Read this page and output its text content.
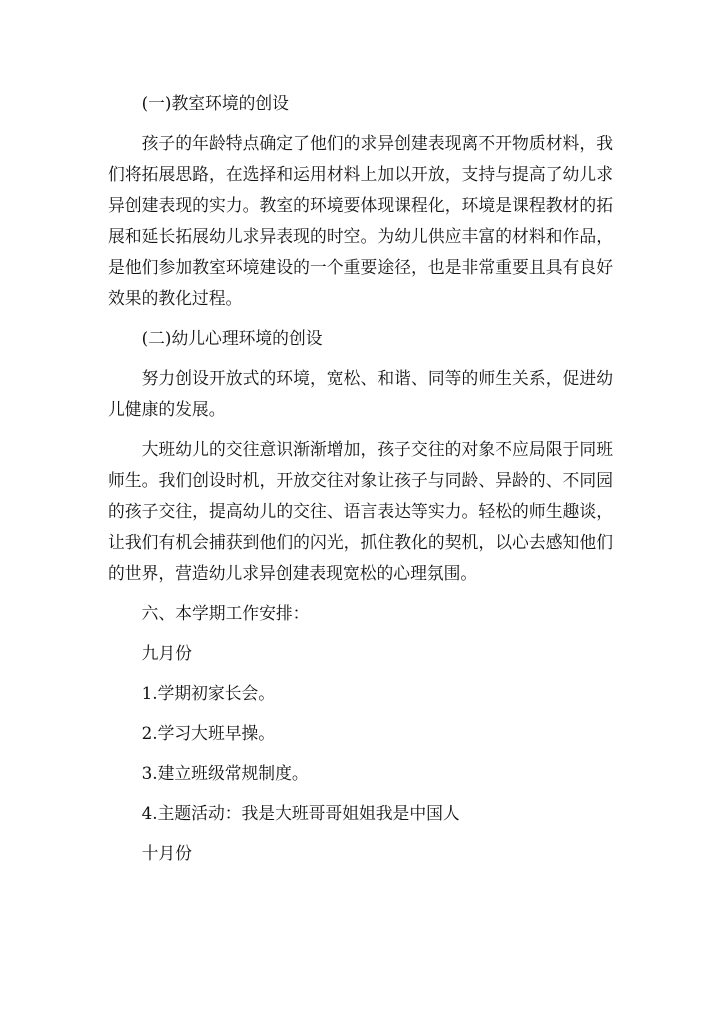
(一)教室环境的创设

孩子的年龄特点确定了他们的求异创建表现离不开物质材料，我们将拓展思路，在选择和运用材料上加以开放，支持与提高了幼儿求异创建表现的实力。教室的环境要体现课程化，环境是课程教材的拓展和延长拓展幼儿求异表现的时空。为幼儿供应丰富的材料和作品，是他们参加教室环境建设的一个重要途径，也是非常重要且具有良好效果的教化过程。

(二)幼儿心理环境的创设

努力创设开放式的环境，宽松、和谐、同等的师生关系，促进幼儿健康的发展。

大班幼儿的交往意识渐渐增加，孩子交往的对象不应局限于同班师生。我们创设时机，开放交往对象让孩子与同龄、异龄的、不同园的孩子交往，提高幼儿的交往、语言表达等实力。轻松的师生趣谈，让我们有机会捕获到他们的闪光，抓住教化的契机，以心去感知他们的世界，营造幼儿求异创建表现宽松的心理氛围。

六、本学期工作安排：

九月份

1.学期初家长会。

2.学习大班早操。

3.建立班级常规制度。

4.主题活动：我是大班哥哥姐姐我是中国人

十月份
